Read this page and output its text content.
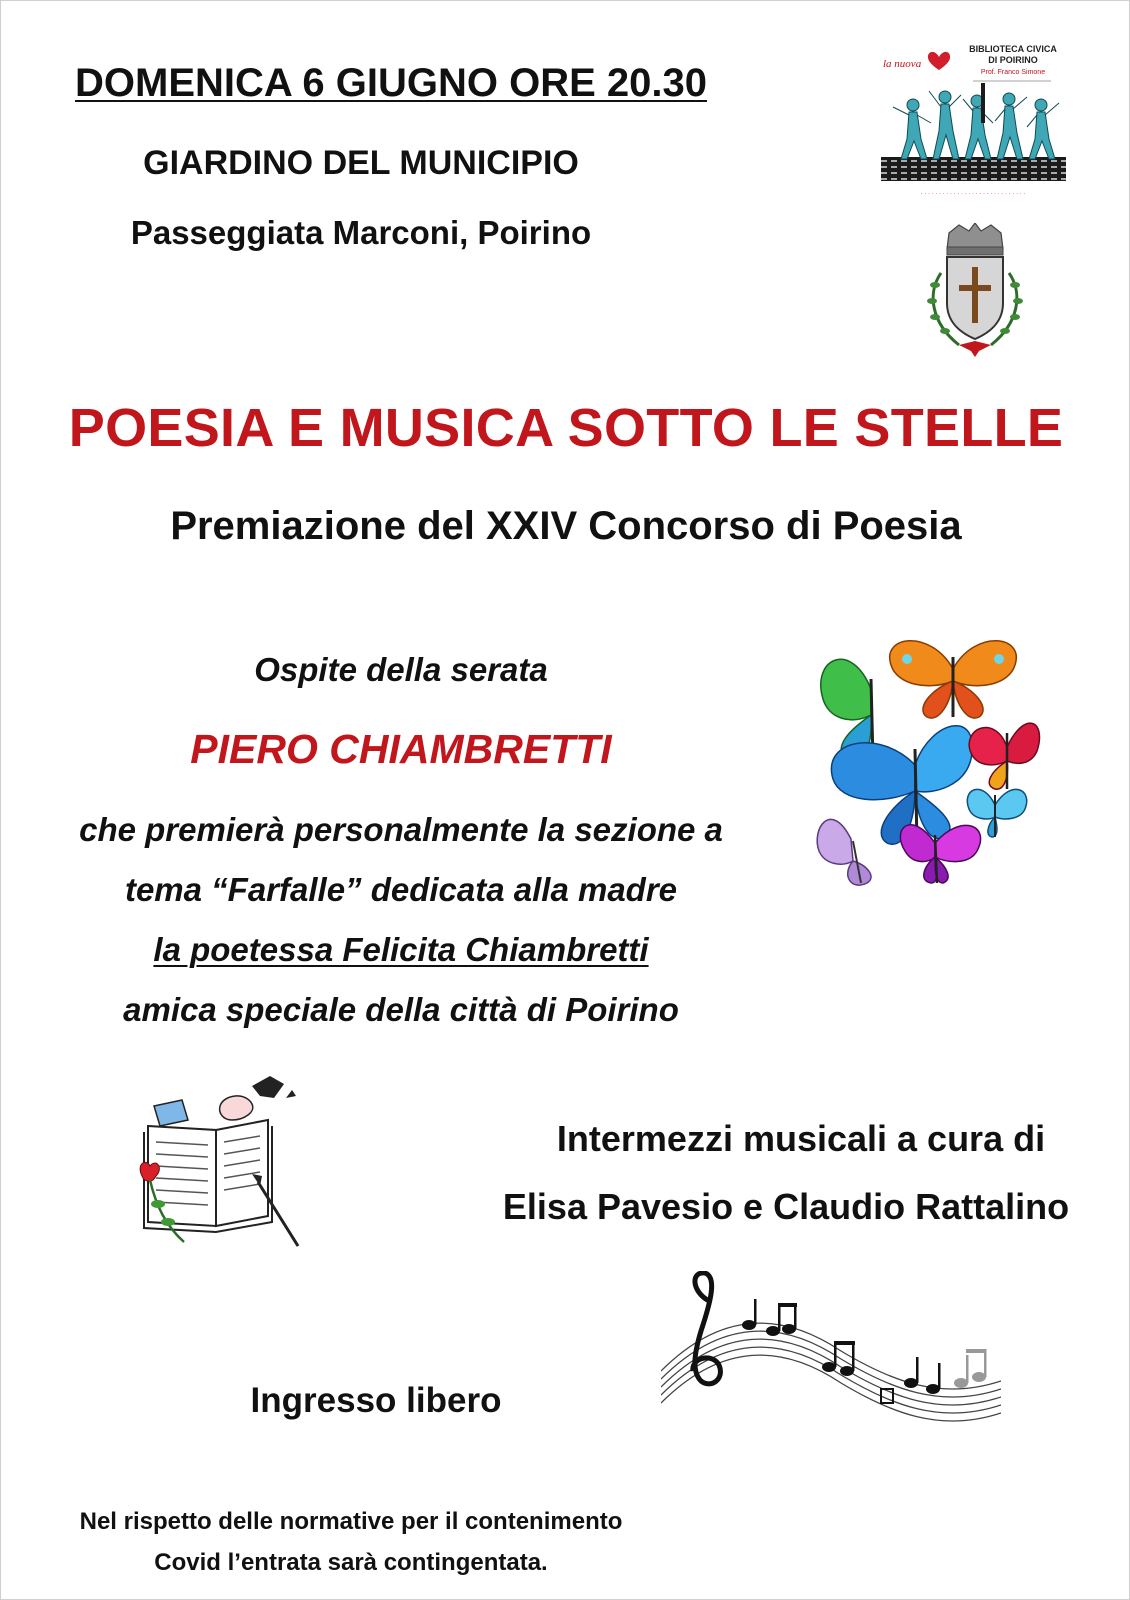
DOMENICA 6 GIUGNO ORE 20.30
GIARDINO DEL MUNICIPIO
Passeggiata Marconi, Poirino
la nuova
BIBLIOTECA CIVICA
DI POIRINO
Prof. Franco Simone
· · · · · · · · · · · · · · · · · · · · · · · · · · · · ·
POESIA E MUSICA SOTTO LE STELLE
Premiazione del XXIV Concorso di Poesia
Ospite della serata
PIERO CHIAMBRETTI
che premierà personalmente la sezione a
tema “Farfalle” dedicata alla madre
la poetessa Felicita Chiambretti
amica speciale della città di Poirino
Intermezzi musicali a cura di
Elisa Pavesio e Claudio Rattalino
Ingresso libero
Nel rispetto delle normative per il contenimento
Covid l’entrata sarà contingentata.
